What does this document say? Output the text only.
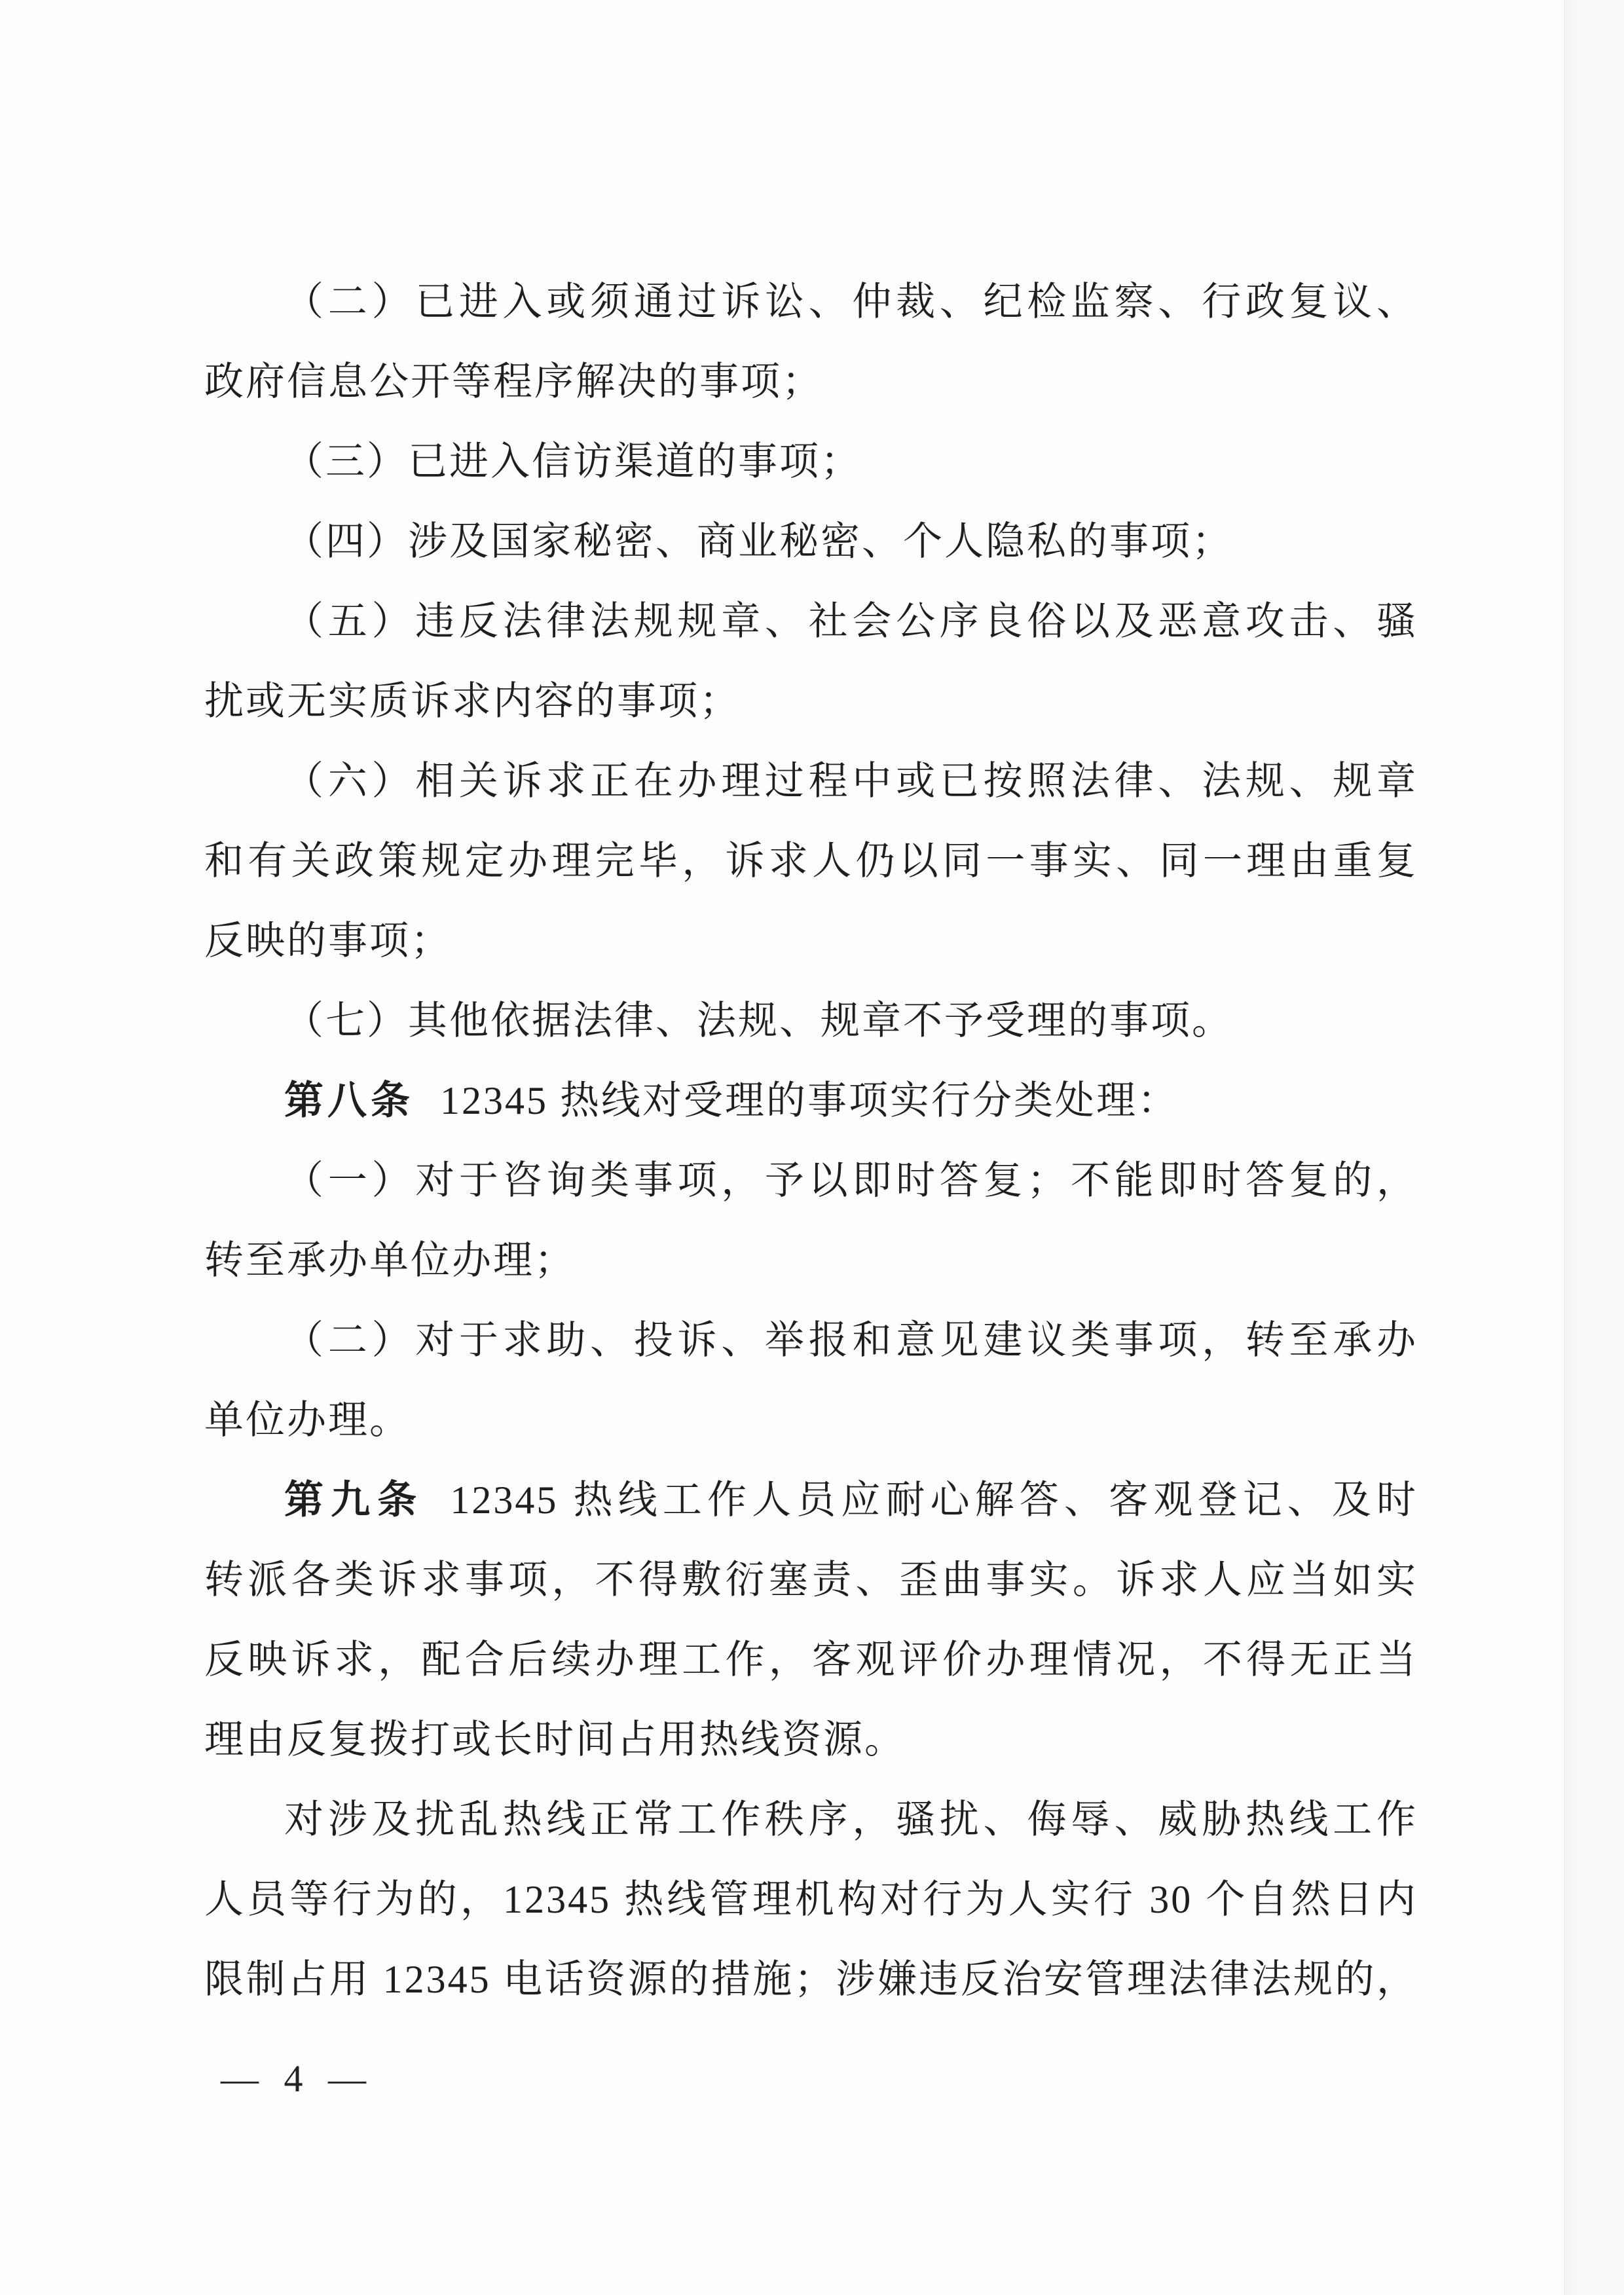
（二）已进入或须通过诉讼、仲裁、纪检监察、行政复议、
政府信息公开等程序解决的事项；
（三）已进入信访渠道的事项；
（四）涉及国家秘密、商业秘密、个人隐私的事项；
（五）违反法律法规规章、社会公序良俗以及恶意攻击、骚
扰或无实质诉求内容的事项；
（六）相关诉求正在办理过程中或已按照法律、法规、规章
和有关政策规定办理完毕，诉求人仍以同一事实、同一理由重复
反映的事项；
（七）其他依据法律、法规、规章不予受理的事项。
第八条 12345 热线对受理的事项实行分类处理：
（一）对于咨询类事项，予以即时答复；不能即时答复的，
转至承办单位办理；
（二）对于求助、投诉、举报和意见建议类事项，转至承办
单位办理。
第九条 12345 热线工作人员应耐心解答、客观登记、及时
转派各类诉求事项，不得敷衍塞责、歪曲事实。诉求人应当如实
反映诉求，配合后续办理工作，客观评价办理情况，不得无正当
理由反复拨打或长时间占用热线资源。
对涉及扰乱热线正常工作秩序，骚扰、侮辱、威胁热线工作
人员等行为的，12345 热线管理机构对行为人实行 30 个自然日内
限制占用 12345 电话资源的措施；涉嫌违反治安管理法律法规的，
— 4 —
